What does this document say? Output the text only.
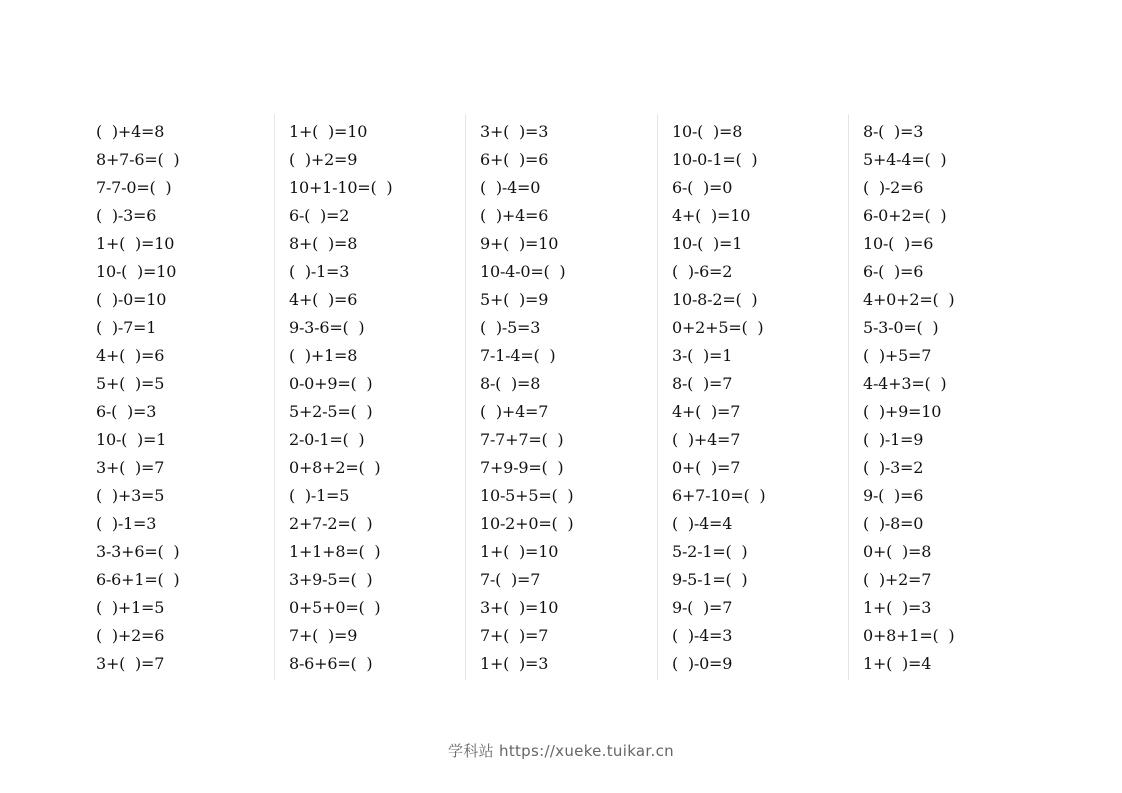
(  )+4=8
8+7-6=(  )
7-7-0=(  )
(  )-3=6
1+(  )=10
10-(  )=10
(  )-0=10
(  )-7=1
4+(  )=6
5+(  )=5
6-(  )=3
10-(  )=1
3+(  )=7
(  )+3=5
(  )-1=3
3-3+6=(  )
6-6+1=(  )
(  )+1=5
(  )+2=6
3+(  )=7
1+(  )=10
(  )+2=9
10+1-10=(  )
6-(  )=2
8+(  )=8
(  )-1=3
4+(  )=6
9-3-6=(  )
(  )+1=8
0-0+9=(  )
5+2-5=(  )
2-0-1=(  )
0+8+2=(  )
(  )-1=5
2+7-2=(  )
1+1+8=(  )
3+9-5=(  )
0+5+0=(  )
7+(  )=9
8-6+6=(  )
3+(  )=3
6+(  )=6
(  )-4=0
(  )+4=6
9+(  )=10
10-4-0=(  )
5+(  )=9
(  )-5=3
7-1-4=(  )
8-(  )=8
(  )+4=7
7-7+7=(  )
7+9-9=(  )
10-5+5=(  )
10-2+0=(  )
1+(  )=10
7-(  )=7
3+(  )=10
7+(  )=7
1+(  )=3
10-(  )=8
10-0-1=(  )
6-(  )=0
4+(  )=10
10-(  )=1
(  )-6=2
10-8-2=(  )
0+2+5=(  )
3-(  )=1
8-(  )=7
4+(  )=7
(  )+4=7
0+(  )=7
6+7-10=(  )
(  )-4=4
5-2-1=(  )
9-5-1=(  )
9-(  )=7
(  )-4=3
(  )-0=9
8-(  )=3
5+4-4=(  )
(  )-2=6
6-0+2=(  )
10-(  )=6
6-(  )=6
4+0+2=(  )
5-3-0=(  )
(  )+5=7
4-4+3=(  )
(  )+9=10
(  )-1=9
(  )-3=2
9-(  )=6
(  )-8=0
0+(  )=8
(  )+2=7
1+(  )=3
0+8+1=(  )
1+(  )=4
学科站 https://xueke.tuikar.cn
